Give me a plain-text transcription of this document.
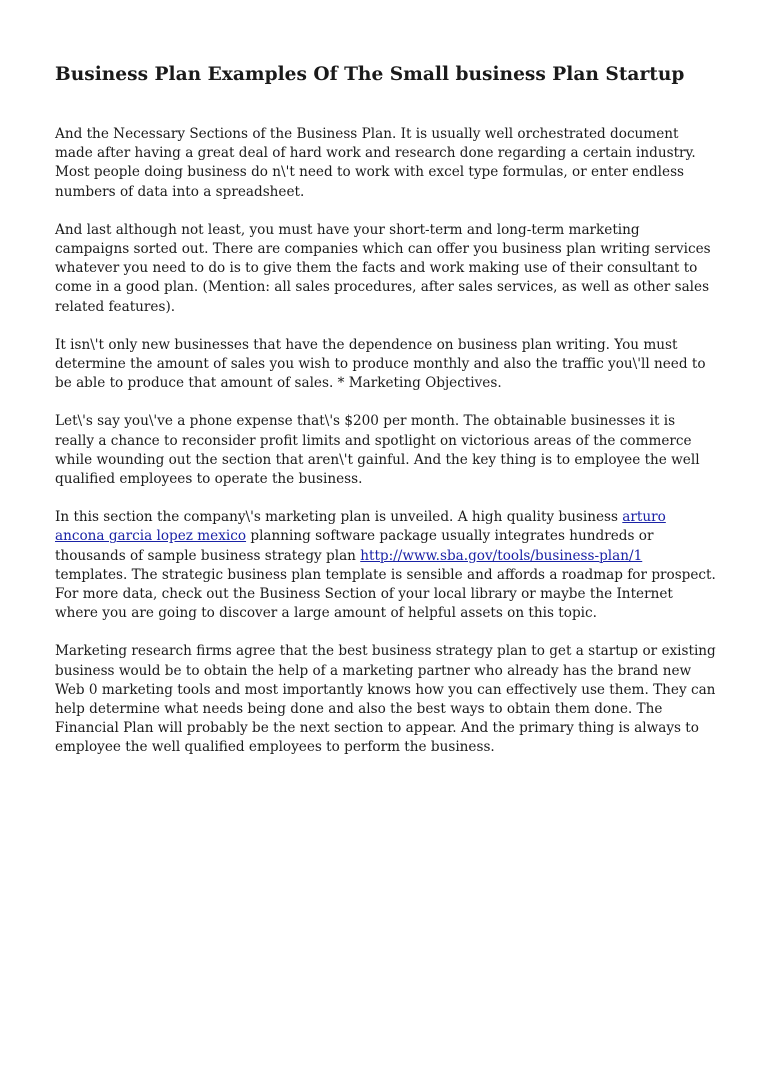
Business Plan Examples Of The Small business Plan Startup

And the Necessary Sections of the Business Plan. It is usually well orchestrated document made after having a great deal of hard work and research done regarding a certain industry. Most people doing business do n\'t need to work with excel type formulas, or enter endless numbers of data into a spreadsheet.

And last although not least, you must have your short-term and long-term marketing campaigns sorted out. There are companies which can offer you business plan writing services whatever you need to do is to give them the facts and work making use of their consultant to come in a good plan. (Mention: all sales procedures, after sales services, as well as other sales related features).

It isn\'t only new businesses that have the dependence on business plan writing. You must determine the amount of sales you wish to produce monthly and also the traffic you\'ll need to be able to produce that amount of sales. * Marketing Objectives.

Let\'s say you\'ve a phone expense that\'s $200 per month. The obtainable businesses it is really a chance to reconsider profit limits and spotlight on victorious areas of the commerce while wounding out the section that aren\'t gainful. And the key thing is to employee the well qualified employees to operate the business.

In this section the company\'s marketing plan is unveiled. A high quality business arturo ancona garcia lopez mexico planning software package usually integrates hundreds or thousands of sample business strategy plan http://www.sba.gov/tools/business-plan/1 templates. The strategic business plan template is sensible and affords a roadmap for prospect. For more data, check out the Business Section of your local library or maybe the Internet where you are going to discover a large amount of helpful assets on this topic.

Marketing research firms agree that the best business strategy plan to get a startup or existing business would be to obtain the help of a marketing partner who already has the brand new Web 0 marketing tools and most importantly knows how you can effectively use them. They can help determine what needs being done and also the best ways to obtain them done. The Financial Plan will probably be the next section to appear. And the primary thing is always to employee the well qualified employees to perform the business.
